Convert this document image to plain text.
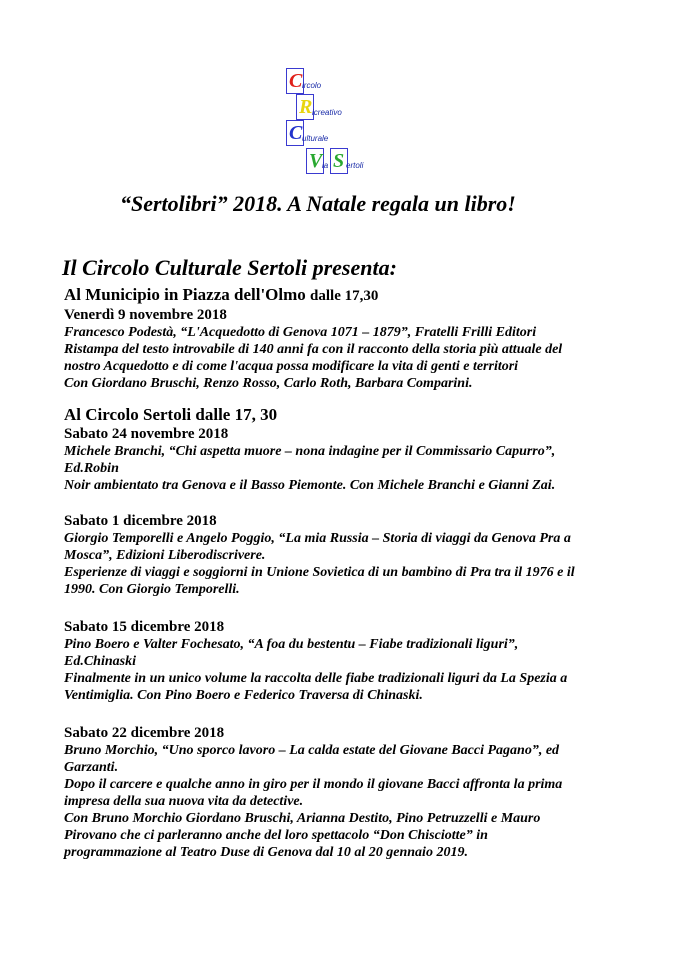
C ircolo
R icreativo
C ulturale
V ia S ertoli
“Sertolibri” 2018. A Natale regala un libro!
Il Circolo Culturale Sertoli presenta:
Al Municipio in Piazza dell'Olmo dalle 17,30
Venerdì 9 novembre 2018

Francesco Podestà, “L'Acquedotto di Genova 1071 – 1879”, Fratelli Frilli Editori

Ristampa del testo introvabile di 140 anni fa con il racconto della storia più attuale del

nostro Acquedotto e di come l'acqua possa modificare la vita di genti e territori

Con Giordano Bruschi, Renzo Rosso, Carlo Roth, Barbara Comparini.

Al Circolo Sertoli dalle 17, 30
Sabato 24 novembre 2018

Michele Branchi, “Chi aspetta muore – nona indagine per il Commissario Capurro”,

Ed.Robin

Noir ambientato tra Genova e il Basso Piemonte. Con Michele Branchi e Gianni Zai.

Sabato 1 dicembre 2018

Giorgio Temporelli e Angelo Poggio, “La mia Russia – Storia di viaggi da Genova Pra a

Mosca”, Edizioni Liberodiscrivere.

Esperienze di viaggi e soggiorni in Unione Sovietica di un bambino di Pra tra il 1976 e il

1990. Con Giorgio Temporelli.

Sabato 15 dicembre 2018

Pino Boero e Valter Fochesato, “A foa du bestentu – Fiabe tradizionali liguri”,

Ed.Chinaski

Finalmente in un unico volume la raccolta delle fiabe tradizionali liguri da La Spezia a

Ventimiglia. Con Pino Boero e Federico Traversa di Chinaski.

Sabato 22 dicembre 2018

Bruno Morchio, “Uno sporco lavoro – La calda estate del Giovane Bacci Pagano”, ed

Garzanti.

Dopo il carcere e qualche anno in giro per il mondo il giovane Bacci affronta la prima

impresa della sua nuova vita da detective.

Con Bruno Morchio Giordano Bruschi, Arianna Destito, Pino Petruzzelli e Mauro

Pirovano che ci parleranno anche del loro spettacolo “Don Chisciotte” in

programmazione al Teatro Duse di Genova dal 10 al 20 gennaio 2019.
